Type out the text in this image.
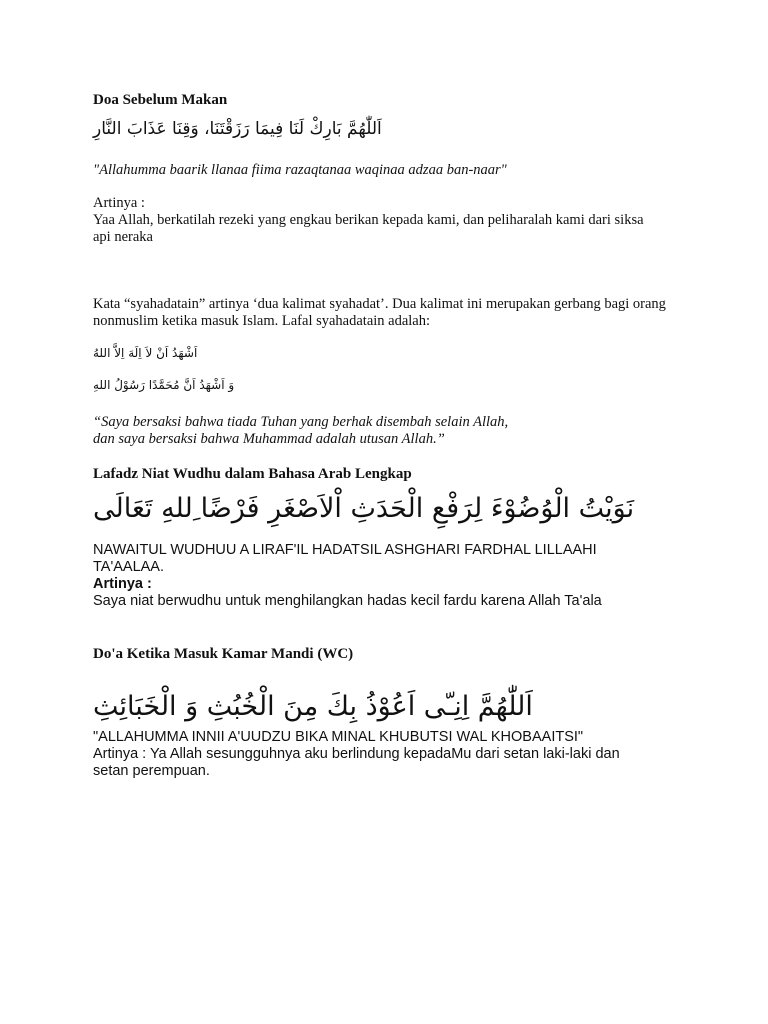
Doa Sebelum Makan
اَللّٰهُمَّ بَارِكْ لَنَا فِيمَا رَزَقْتَنَا، وَقِنَا عَذَابَ النَّارِ
"Allahumma baarik llanaa fiima razaqtanaa waqinaa adzaa ban-naar"
Artinya :
Yaa Allah, berkatilah rezeki yang engkau berikan kepada kami, dan peliharalah kami dari siksa api neraka
Kata “syahadatain” artinya ‘dua kalimat syahadat’. Dua kalimat ini merupakan gerbang bagi orang nonmuslim ketika masuk Islam. Lafal syahadatain adalah:
اَشْهَدُ اَنْ لاَ اِلَهَ اِلاَّ اللهُ
وَ اَشْهَدُ اَنَّ مُحَمَّدًا رَسُوْلُ اللهِ
“Saya bersaksi bahwa tiada Tuhan yang berhak disembah selain Allah,
dan saya bersaksi bahwa Muhammad adalah utusan Allah.”
Lafadz Niat Wudhu dalam Bahasa Arab Lengkap
نَوَيْتُ الْوُضُوْءَ لِرَفْعِ الْحَدَثِ اْلاَصْغَرِ فَرْضًا ِللهِ تَعَالَى
NAWAITUL WUDHUU A LIRAF'IL HADATSIL ASHGHARI FARDHAL LILLAAHI TA'AALAA.
Artinya :
Saya niat berwudhu untuk menghilangkan hadas kecil fardu karena Allah Ta'ala
Do'a Ketika Masuk Kamar Mandi (WC)
اَللّٰهُمَّ اِنِـّى اَعُوْذُ بِكَ مِنَ الْخُبُثِ وَ الْخَبَائِثِ
"ALLAHUMMA INNII A'UUDZU BIKA MINAL KHUBUTSI WAL KHOBAAITSI"
Artinya : Ya Allah sesungguhnya aku berlindung kepadaMu dari setan laki-laki dan setan perempuan.
